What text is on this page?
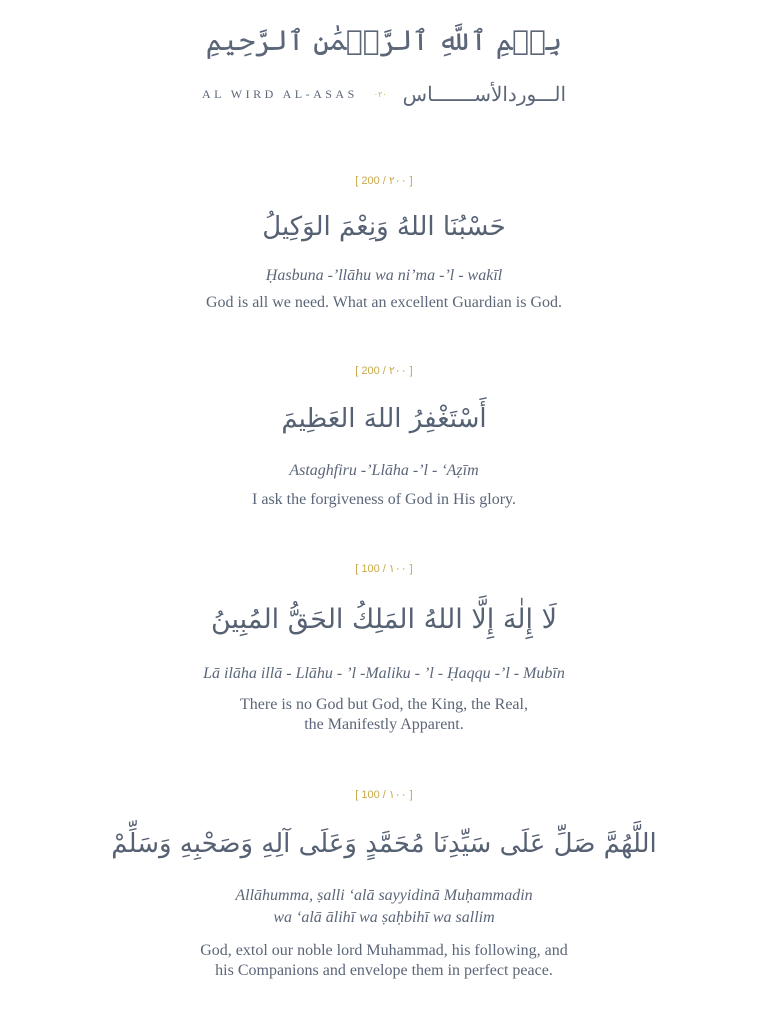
بِسۡمِ ٱللَّهِ ٱلرَّحۡمَٰنِ ٱلرَّحِيمِ
AL WIRD AL-ASAS ٠٢٠ الـــوردالأســـــــاس
[ 200 / ٢٠٠ ]
حَسْبُنَا اللهُ وَنِعْمَ الوَكِيلُ
Ḥasbuna -’llāhu wa ni’ma -’l - wakīl
God is all we need. What an excellent Guardian is God.
[ 200 / ٢٠٠ ]
أَسْتَغْفِرُ اللهَ العَظِيمَ
Astaghfiru -’Llāha -’l - ‘Aẓīm
I ask the forgiveness of God in His glory.
[ 100 / ١٠٠ ]
لَا إِلٰهَ إِلَّا اللهُ المَلِكُ الحَقُّ المُبِينُ
Lā ilāha illā - Llāhu - ’l -Maliku - ’l - Ḥaqqu -’l - Mubīn
There is no God but God, the King, the Real,
the Manifestly Apparent.
[ 100 / ١٠٠ ]
اللَّهُمَّ صَلِّ عَلَى سَيِّدِنَا مُحَمَّدٍ وَعَلَى آلِهِ وَصَحْبِهِ وَسَلِّمْ
Allāhumma, ṣalli ‘alā sayyidinā Muḥammadin
wa ‘alā ālihī wa ṣaḥbihī wa sallim
God, extol our noble lord Muhammad, his following, and
his Companions and envelope them in perfect peace.
